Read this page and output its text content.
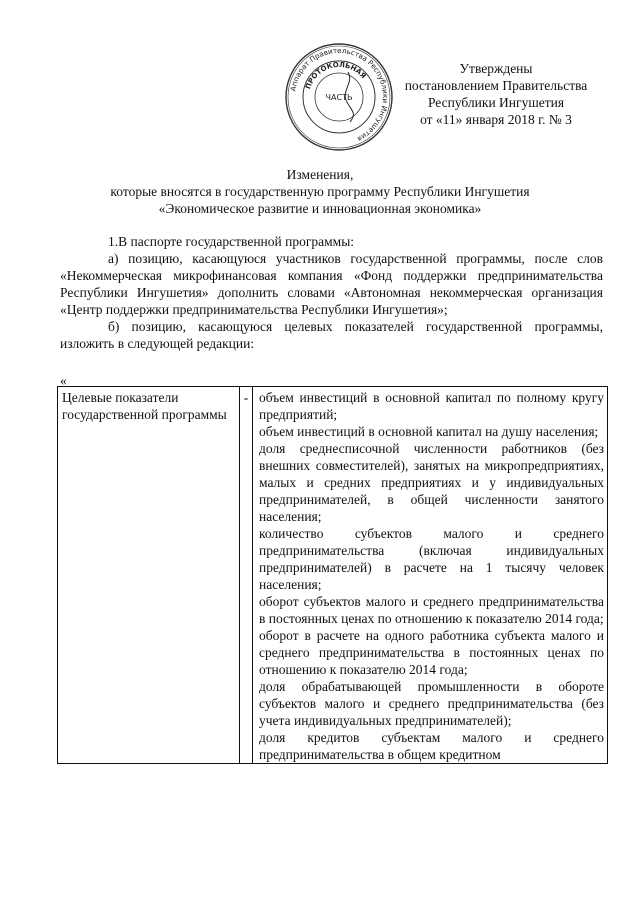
Аппарат Правительства Республики Ингушетия
ПРОТОКОЛЬНАЯ
ЧАСТЬ
Утверждены
постановлением Правительства
Республики Ингушетия
от «11» января 2018 г. № 3
Изменения,
которые вносятся в государственную программу Республики Ингушетия
«Экономическое развитие и инновационная экономика»

1.В паспорте государственной программы:

а) позицию, касающуюся участников государственной программы, после слов «Некоммерческая микрофинансовая компания «Фонд поддержки предпринимательства Республики Ингушетия» дополнить словами «Автономная некоммерческая организация «Центр поддержки предпринимательства Республики Ингушетия»;

б) позицию, касающуюся целевых показателей государственной программы, изложить в следующей редакции:

«
Целевые показатели государственной программы	-	объем инвестиций в основной капитал по полному кругу предприятий;
объем инвестиций в основной капитал на душу населения;
доля среднесписочной численности работников (без внешних совместителей), занятых на микропредприятиях, малых и средних предприятиях и у индивидуальных предпринимателей, в общей численности занятого населения;
количество субъектов малого и среднего предпринимательства (включая индивидуальных предпринимателей) в расчете на 1 тысячу человек населения;
оборот субъектов малого и среднего предпринимательства в постоянных ценах по отношению к показателю 2014 года;
оборот в расчете на одного работника субъекта малого и среднего предпринимательства в постоянных ценах по отношению к показателю 2014 года;
доля обрабатывающей промышленности в обороте субъектов малого и среднего предпринимательства (без учета индивидуальных предпринимателей);
доля кредитов субъектам малого и среднего предпринимательства в общем кредитном
